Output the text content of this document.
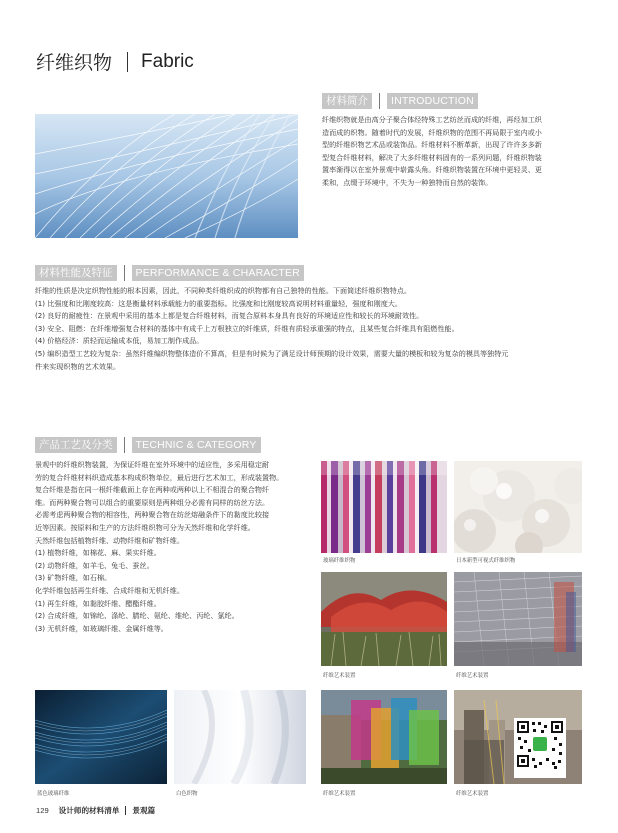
纤维织物 Fabric
材料简介	INTRODUCTION

纤维织物就是由高分子聚合体经特殊工艺纺丝而成的纤维，再经加工织

造而成的织物。随着时代的发展，纤维织物的范围不再局限于室内或小

型的纤维织物艺术品或装饰品。纤维材料不断革新，出现了许许多多新

型复合纤维材料，解决了大多纤维材料固有的一系列问题，纤维织物装

置率渐得以在室外景观中崭露头角。纤维织物装置在环境中更轻灵、更

柔和，点缀于环境中，不失为一种独特而自然的装饰。

材料性能及特征	PERFORMANCE & CHARACTER

纤维的性质是决定织物性能的根本因素，因此，不同种类纤维织成的织物都有自己独特的性能。下面简述纤维织物特点。

(1) 比强度和比刚度较高：这是衡量材料承载能力的重要指标。比强度和比刚度较高说明材料重量轻，强度和刚度大。

(2) 良好的耐疲性：在景观中采用的基本上都是复合纤维材料，而复合原料本身具有良好的环境适应性和较长的环境耐效性。

(3) 安全、阻燃：在纤维增强复合材料的基体中有成千上万根独立的纤维质，纤维有质轻承重强的特点，且某些复合纤维具有阻燃性能。

(4) 价格经济：质轻而运输成本低，易加工制作成品。

(5) 编织造型工艺较为复杂：虽然纤维编织物整体造价不算高，但是有时候为了满足设计师预期的设计效果，需要大量的模板和较为复杂的模具等独特元

件来实现织物的艺术效果。

产品工艺及分类	TECHNIC & CATEGORY

景观中的纤维织物装置，为保证纤维在室外环境中的适应性，多采用稳定耐

劳的复合纤维材料织造成基本构成织物单位，最后进行艺术加工，形成装置物。

复合纤维是指在同一根纤维截面上存在两种或两种以上不相混合的聚合物纤

维。而两种聚合物可以组合的重要原则是两种组分必需有同样的纺丝方法。

必需考虑两种聚合物的相容性，两种聚合物在纺丝熔融条件下的黏度比较接

近等因素。按原料和生产的方法纤维织物可分为天然纤维和化学纤维。

天然纤维包括植物纤维、动物纤维和矿物纤维。

(1) 植物纤维，如棉花、麻、果实纤维。

(2) 动物纤维，如羊毛、兔毛、蚕丝。

(3) 矿物纤维，如石棉。

化学纤维包括再生纤维、合成纤维和无机纤维。

(1) 再生纤维，如黏胶纤维、醋酯纤维。

(2) 合成纤维，如锦纶、涤纶、腈纶、氨纶、维纶、丙纶、氯纶。

(3) 无机纤维，如玻璃纤维、金属纤维等。

玻璃纤维织物	日本新型可视式纤维织物
纤维艺术装置	纤维艺术装置
蓝色玻璃纤维	白色织物	纤维艺术装置	纤维艺术装置
129 设计师的材料清单 景观篇
